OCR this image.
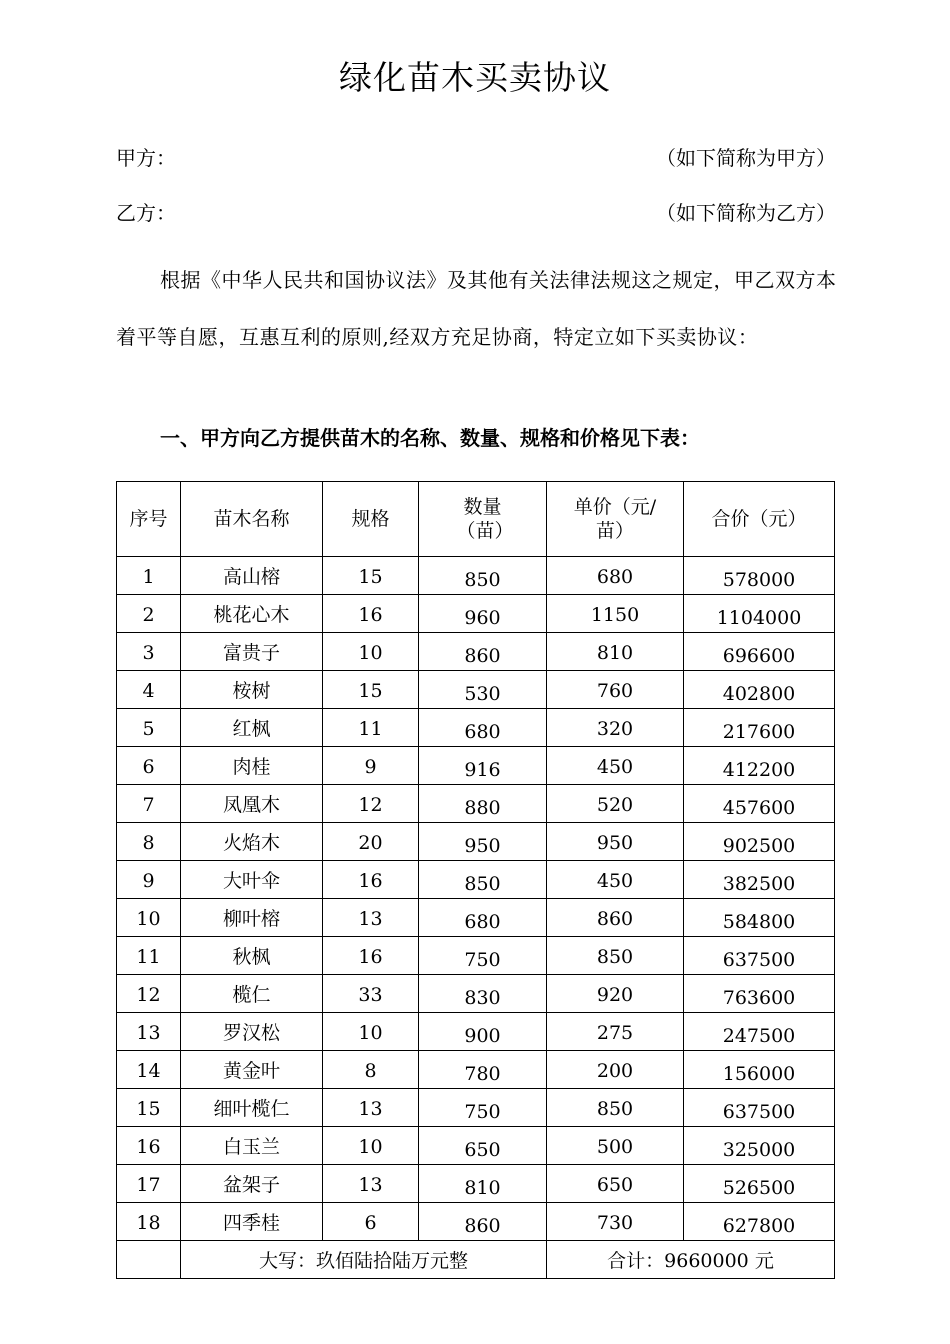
绿化苗木买卖协议
甲方：	（如下简称为甲方）
乙方：	（如下简称为乙方）
根据《中华人民共和国协议法》及其他有关法律法规这之规定，甲乙双方本着平等自愿，互惠互利的原则,经双方充足协商，特定立如下买卖协议：
一、甲方向乙方提供苗木的名称、数量、规格和价格见下表：
序号	苗木名称	规格	数量（苗）	单价（元/苗）	合价（元）
1	高山榕	15	850	680	578000
2	桃花心木	16	960	1150	1104000
3	富贵子	10	860	810	696600
4	桉树	15	530	760	402800
5	红枫	11	680	320	217600
6	肉桂	9	916	450	412200
7	凤凰木	12	880	520	457600
8	火焰木	20	950	950	902500
9	大叶伞	16	850	450	382500
10	柳叶榕	13	680	860	584800
11	秋枫	16	750	850	637500
12	榄仁	33	830	920	763600
13	罗汉松	10	900	275	247500
14	黄金叶	8	780	200	156000
15	细叶榄仁	13	750	850	637500
16	白玉兰	10	650	500	325000
17	盆架子	13	810	650	526500
18	四季桂	6	860	730	627800
	大写：玖佰陆拾陆万元整			合计：9660000 元	
